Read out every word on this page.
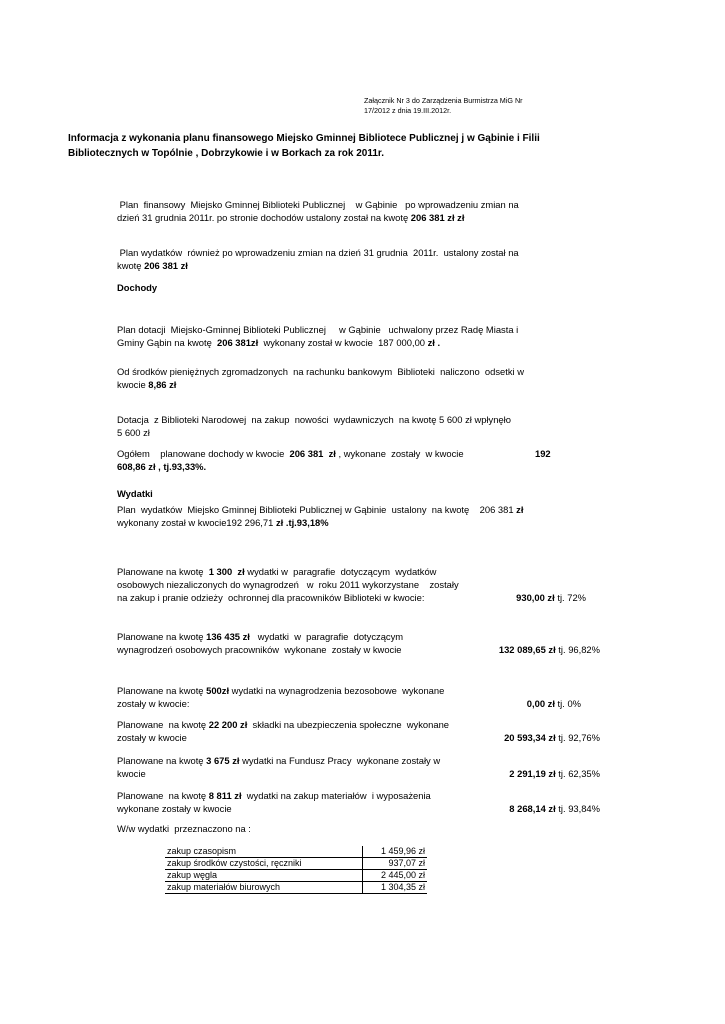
Załącznik Nr 3 do Zarządzenia Burmistrza MiG Nr
17/2012 z dnia 19.III.2012r.
Informacja z wykonania planu finansowego Miejsko Gminnej Bibliotece Publicznej j w Gąbinie i Filii
Bibliotecznych w Topólnie , Dobrzykowie i w Borkach za rok 2011r.
Plan  finansowy  Miejsko Gminnej Biblioteki Publicznej    w Gąbinie   po wprowadzeniu zmian na
dzień 31 grudnia 2011r. po stronie dochodów ustalony został na kwotę 206 381 zł zł
Plan wydatków  również po wprowadzeniu zmian na dzień 31 grudnia  2011r.  ustalony został na
kwotę 206 381 zł
Dochody
Plan dotacji  Miejsko-Gminnej Biblioteki Publicznej     w Gąbinie   uchwalony przez Radę Miasta i
Gminy Gąbin na kwotę  206 381zł  wykonany został w kwocie  187 000,00 zł .
Od środków pieniężnych zgromadzonych  na rachunku bankowym  Biblioteki  naliczono  odsetki w
kwocie 8,86 zł
Dotacja  z Biblioteki Narodowej  na zakup  nowości  wydawniczych  na kwotę 5 600 zł wpłynęło
5 600 zł
Ogółem    planowane dochody w kwocie  206 381  zł , wykonane  zostały  w kwocie	192
608,86 zł , tj.93,33%.
Wydatki
Plan  wydatków  Miejsko Gminnej Biblioteki Publicznej w Gąbinie  ustalony  na kwotę    206 381 zł
wykonany został w kwocie192 296,71 zł .tj.93,18%
Planowane na kwotę  1 300  zł wydatki w  paragrafie  dotyczącym  wydatków
osobowych niezaliczonych do wynagrodzeń   w  roku 2011 wykorzystane    zostały
na zakup i pranie odzieży  ochronnej dla pracowników Biblioteki w kwocie:	930,00 zł tj. 72%
Planowane na kwotę 136 435 zł   wydatki  w  paragrafie  dotyczącym
wynagrodzeń osobowych pracowników  wykonane  zostały w kwocie	132 089,65 zł tj. 96,82%
Planowane na kwotę 500zł wydatki na wynagrodzenia bezosobowe  wykonane
zostały w kwocie:	0,00 zł tj. 0%
Planowane  na kwotę 22 200 zł  składki na ubezpieczenia społeczne  wykonane
zostały w kwocie	20 593,34 zł tj. 92,76%
Planowane na kwotę 3 675 zł wydatki na Fundusz Pracy  wykonane zostały w
kwocie	2 291,19 zł tj. 62,35%
Planowane  na kwotę 8 811 zł  wydatki na zakup materiałów  i wyposażenia
wykonane zostały w kwocie	8 268,14 zł tj. 93,84%
W/w wydatki  przeznaczono na :
zakup czasopism	1 459,96 zł
zakup środków czystości, ręczniki	937,07 zł
zakup węgla	2 445,00 zł
zakup materiałów biurowych	1 304,35 zł
